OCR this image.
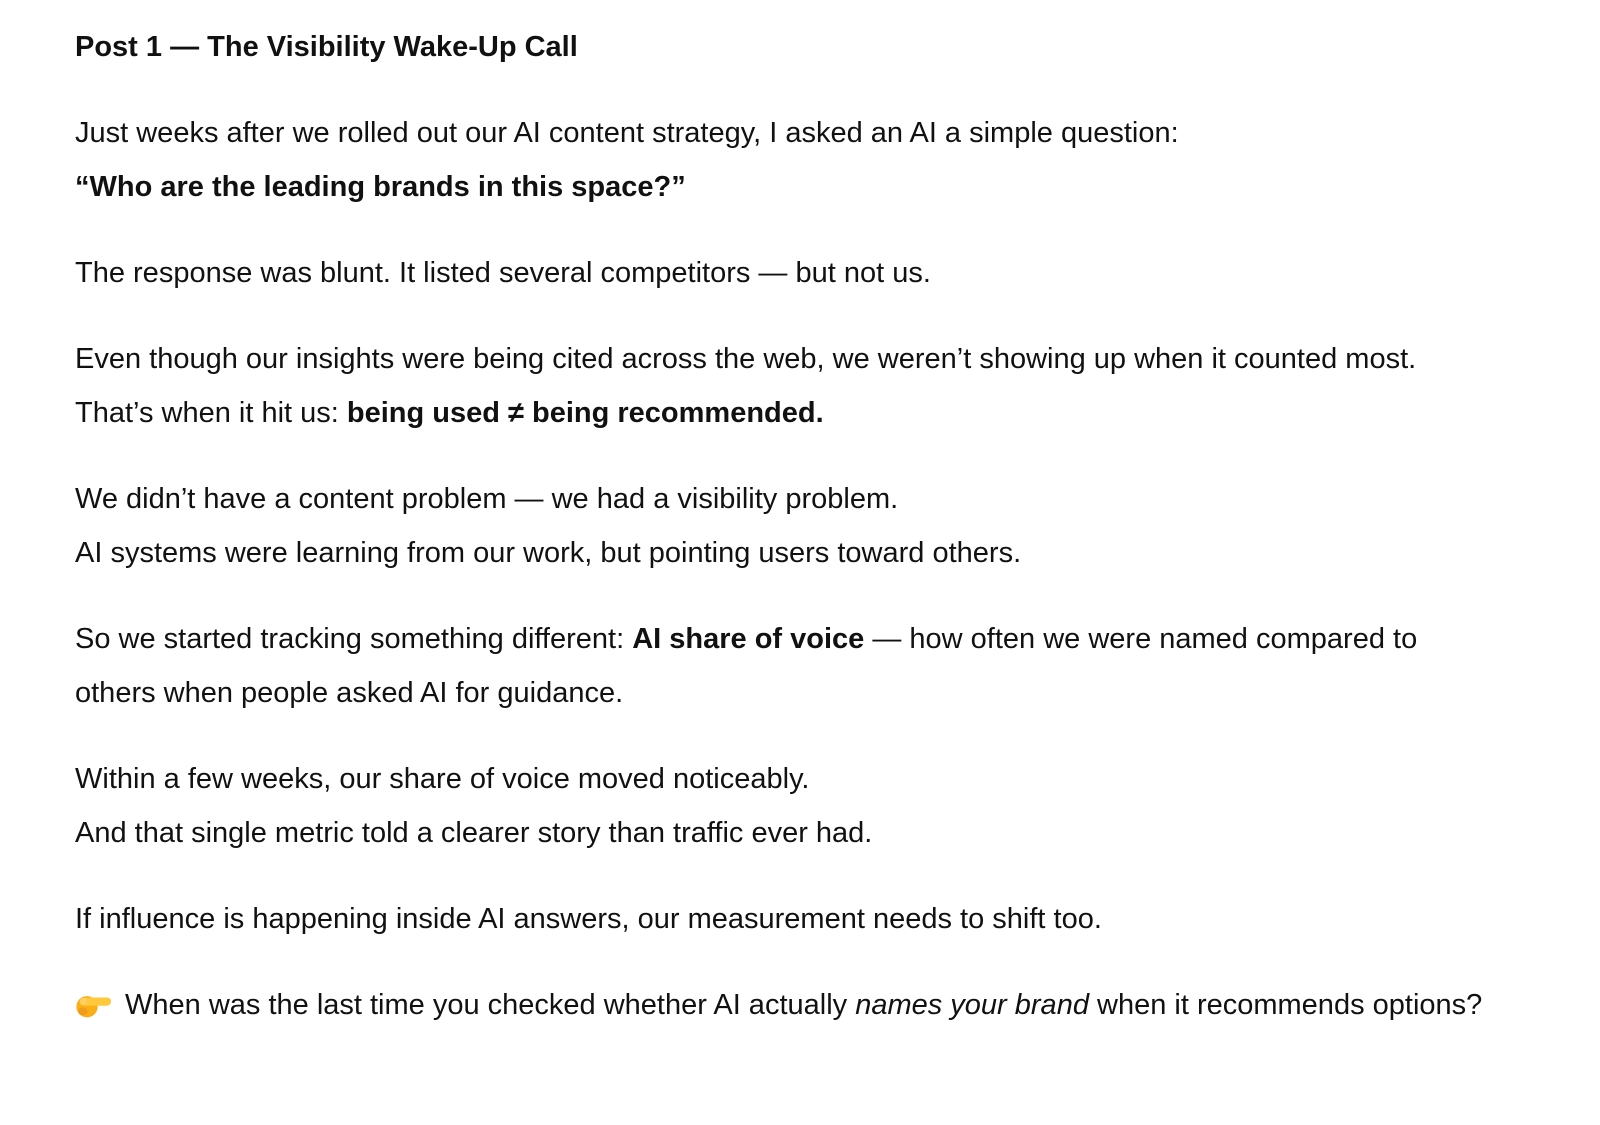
Post 1 — The Visibility Wake-Up Call

Just weeks after we rolled out our AI content strategy, I asked an AI a simple question: “Who are the leading brands in this space?”

The response was blunt. It listed several competitors — but not us.

Even though our insights were being cited across the web, we weren’t showing up when it counted most. That’s when it hit us: being used ≠ being recommended.

We didn’t have a content problem — we had a visibility problem. AI systems were learning from our work, but pointing users toward others.

So we started tracking something different: AI share of voice — how often we were named compared to others when people asked AI for guidance.

Within a few weeks, our share of voice moved noticeably. And that single metric told a clearer story than traffic ever had.

If influence is happening inside AI answers, our measurement needs to shift too.

When was the last time you checked whether AI actually names your brand when it recommends options?
